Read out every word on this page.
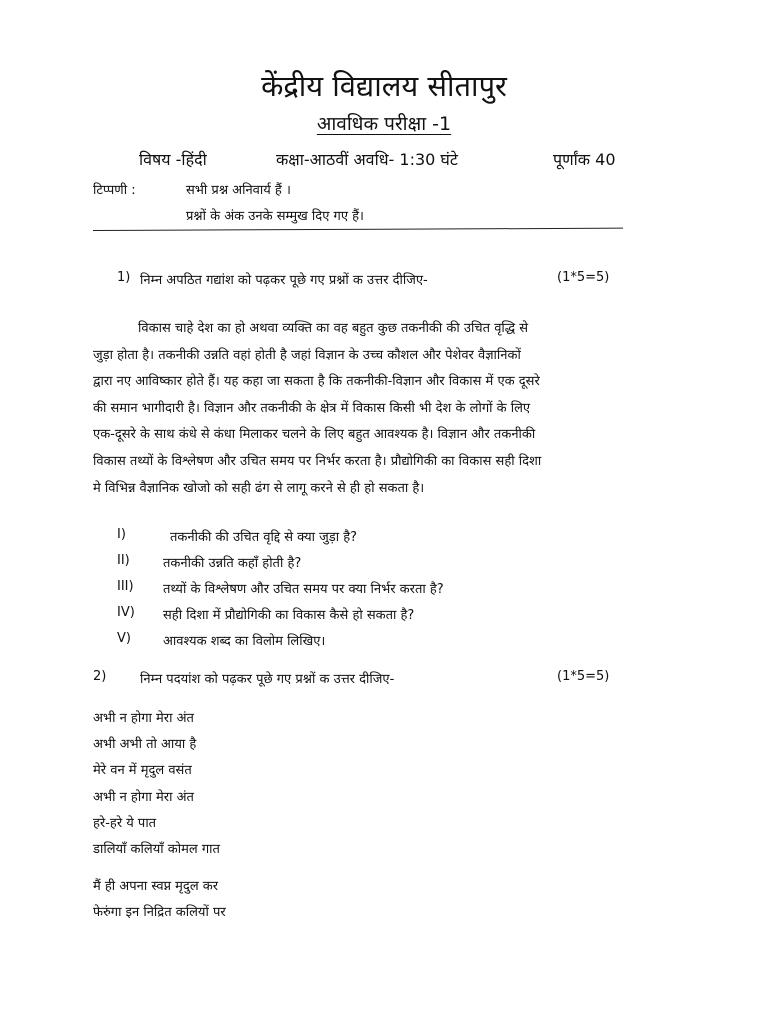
केंद्रीय विद्यालय सीतापुर
आवधिक परीक्षा -1
विषय -हिंदी	कक्षा-आठवीं अवधि- 1:30 घंटे	पूर्णांक 40
टिप्पणी :	सभी प्रश्न अनिवार्य हैं ।
प्रश्नों के अंक उनके सम्मुख दिए गए हैं।
1) निम्न अपठित गद्यांश को पढ़कर पूछे गए प्रश्नों क उत्तर दीजिए-	(1*5=5)
विकास चाहे देश का हो अथवा व्यक्ति का वह बहुत कुछ तकनीकी की उचित वृद्धि से
जुड़ा होता है। तकनीकी उन्नति वहां होती है जहां विज्ञान के उच्च कौशल और पेशेवर वैज्ञानिकों
द्वारा नए आविष्कार होते हैं। यह कहा जा सकता है कि तकनीकी-विज्ञान और विकास में एक दूसरे
की समान भागीदारी है। विज्ञान और तकनीकी के क्षेत्र में विकास किसी भी देश के लोगों के लिए
एक-दूसरे के साथ कंधे से कंधा मिलाकर चलने के लिए बहुत आवश्यक है। विज्ञान और तकनीकी
विकास तथ्यों के विश्लेषण और उचित समय पर निर्भर करता है। प्रौद्योगिकी का विकास सही दिशा
मे विभिन्न वैज्ञानिक खोजो को सही ढंग से लागू करने से ही हो सकता है।
I)	तकनीकी की उचित वृद्दि से क्या जुड़ा है?
II)	तकनीकी उन्नति कहाँ होती है?
III) तथ्यों के विश्लेषण और उचित समय पर क्या निर्भर करता है?
IV) सही दिशा में प्रौद्योगिकी का विकास कैसे हो सकता है?
V) आवश्यक शब्द का विलोम लिखिए।
2)	निम्न पदयांश को पढ़कर पूछे गए प्रश्नों क उत्तर दीजिए-	(1*5=5)
अभी न होगा मेरा अंत
अभी अभी तो आया है
मेरे वन में मृदुल वसंत
अभी न होगा मेरा अंत
हरे-हरे ये पात
डालियाँ कलियाँ कोमल गात
मैं ही अपना स्वप्न मृदुल कर
फेरुंगा इन निद्रित कलियों पर
